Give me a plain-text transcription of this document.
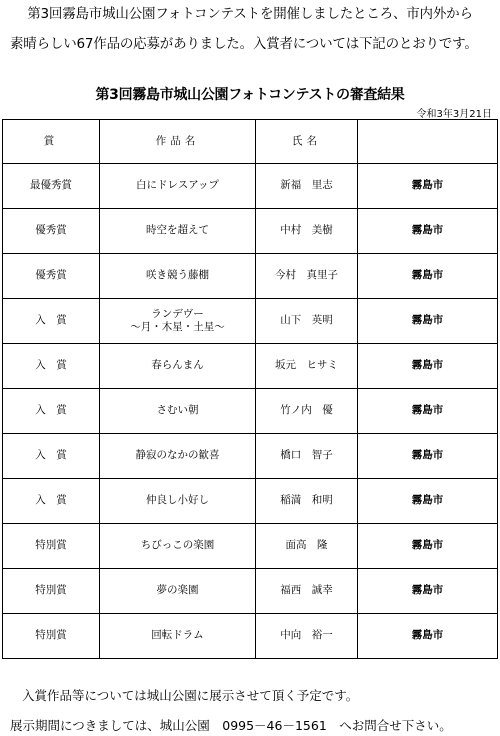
第3回霧島市城山公園フォトコンテストを開催しましたところ、市内外から
素晴らしい67作品の応募がありました。入賞者については下記のとおりです。
第3回霧島市城山公園フォトコンテストの審査結果
令和3年3月21日
賞	作品名	氏名	
最優秀賞	白にドレスアップ	新福　里志	霧島市
優秀賞	時空を超えて	中村　美樹	霧島市
優秀賞	咲き競う藤棚	今村　真里子	霧島市
入　賞	ランデヴー
～月・木星・土星～	山下　英明	霧島市
入　賞	春らんまん	坂元　ヒサミ	霧島市
入　賞	さむい朝	竹ノ内　優	霧島市
入　賞	静寂のなかの歓喜	橋口　智子	霧島市
入　賞	仲良し小好し	稲満　和明	霧島市
特別賞	ちびっこの楽園	面高　隆	霧島市
特別賞	夢の楽園	福西　誠幸	霧島市
特別賞	回転ドラム	中向　裕一	霧島市
入賞作品等については城山公園に展示させて頂く予定です。
展示期間につきましては、城山公園　0995－46－1561　へお問合せ下さい。
